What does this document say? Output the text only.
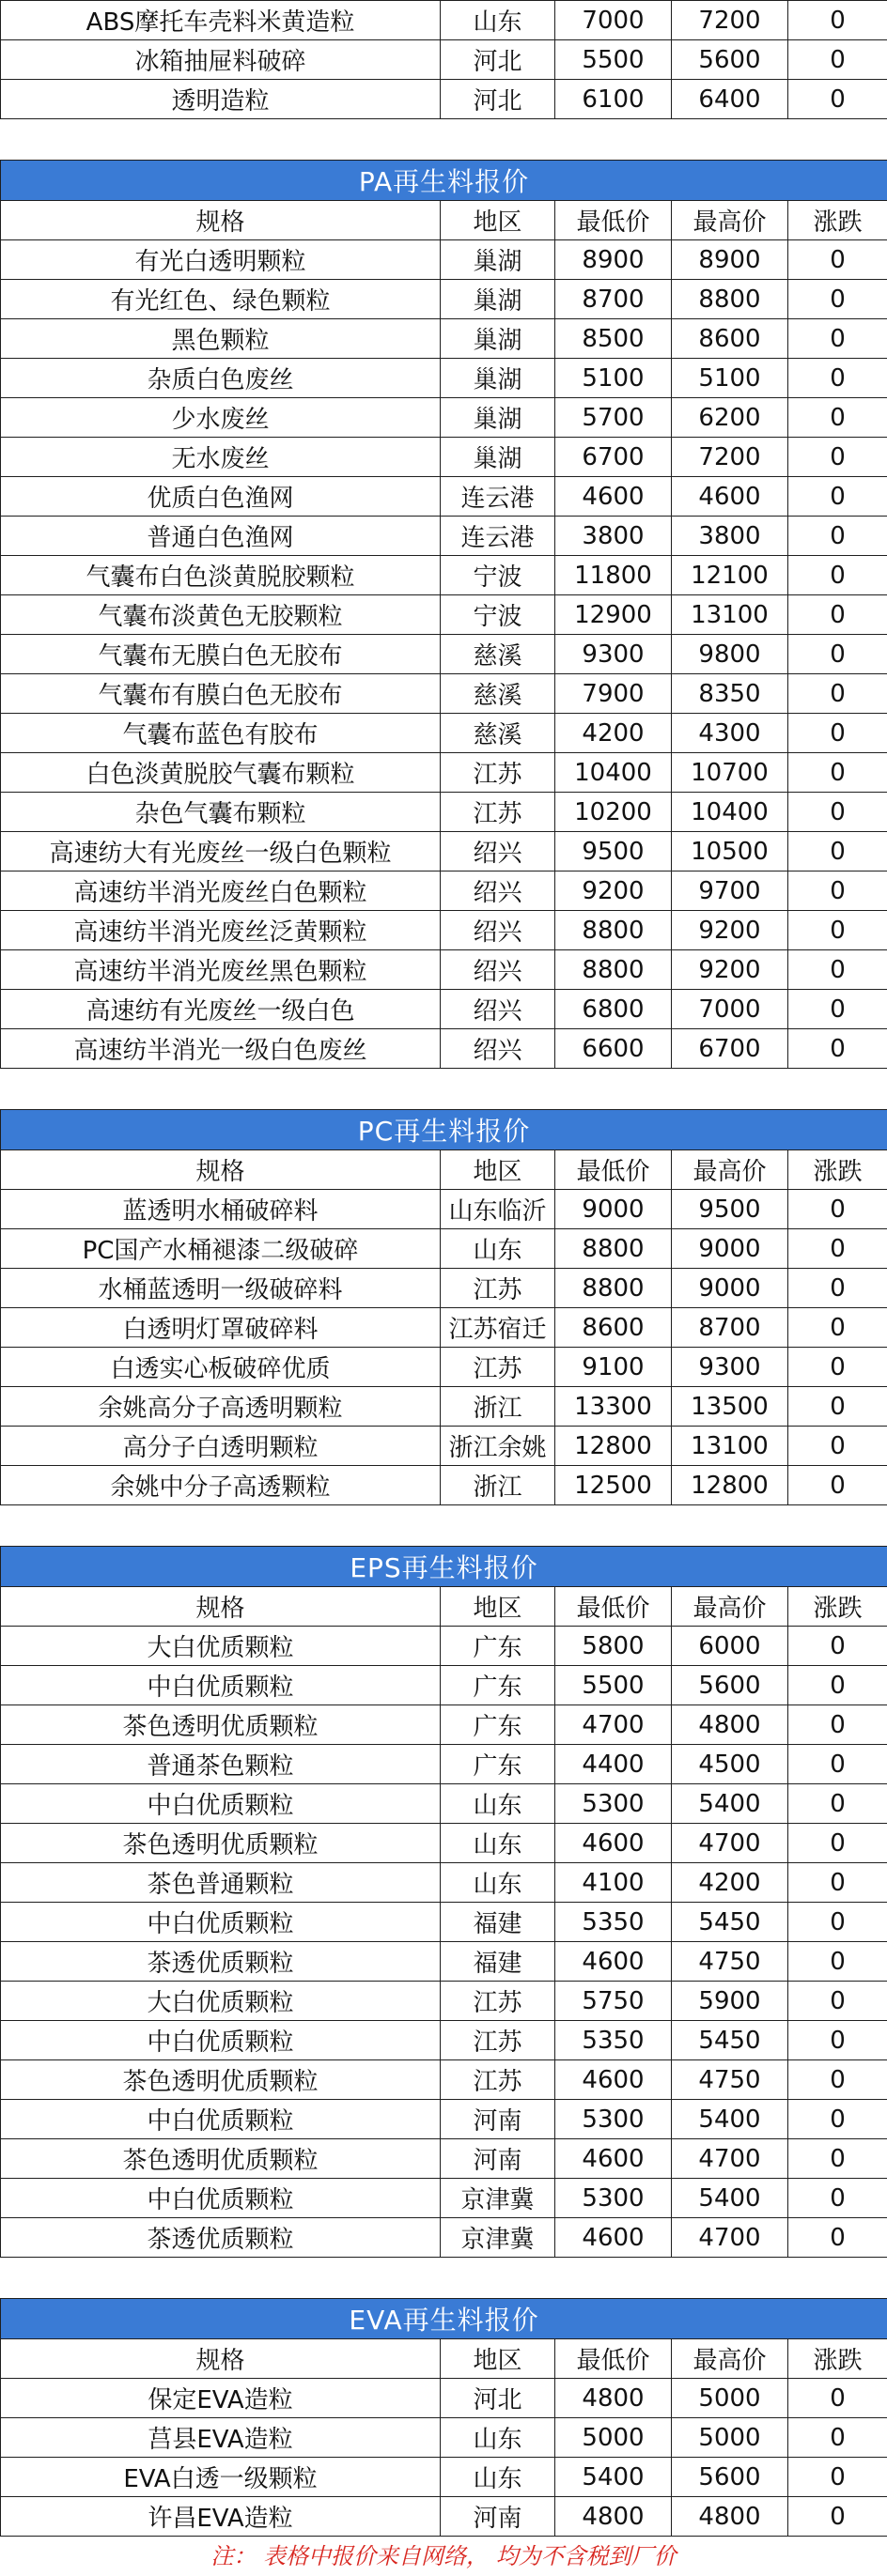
ABS摩托车壳料米黄造粒	山东	7000	7200	0
冰箱抽屉料破碎	河北	5500	5600	0
透明造粒	河北	6100	6400	0

PA再生料报价				
规格	地区	最低价	最高价	涨跌
有光白透明颗粒	巢湖	8900	8900	0
有光红色、绿色颗粒	巢湖	8700	8800	0
黑色颗粒	巢湖	8500	8600	0
杂质白色废丝	巢湖	5100	5100	0
少水废丝	巢湖	5700	6200	0
无水废丝	巢湖	6700	7200	0
优质白色渔网	连云港	4600	4600	0
普通白色渔网	连云港	3800	3800	0
气囊布白色淡黄脱胶颗粒	宁波	11800	12100	0
气囊布淡黄色无胶颗粒	宁波	12900	13100	0
气囊布无膜白色无胶布	慈溪	9300	9800	0
气囊布有膜白色无胶布	慈溪	7900	8350	0
气囊布蓝色有胶布	慈溪	4200	4300	0
白色淡黄脱胶气囊布颗粒	江苏	10400	10700	0
杂色气囊布颗粒	江苏	10200	10400	0
高速纺大有光废丝一级白色颗粒	绍兴	9500	10500	0
高速纺半消光废丝白色颗粒	绍兴	9200	9700	0
高速纺半消光废丝泛黄颗粒	绍兴	8800	9200	0
高速纺半消光废丝黑色颗粒	绍兴	8800	9200	0
高速纺有光废丝一级白色	绍兴	6800	7000	0
高速纺半消光一级白色废丝	绍兴	6600	6700	0

PC再生料报价				
规格	地区	最低价	最高价	涨跌
蓝透明水桶破碎料	山东临沂	9000	9500	0
PC国产水桶褪漆二级破碎	山东	8800	9000	0
水桶蓝透明一级破碎料	江苏	8800	9000	0
白透明灯罩破碎料	江苏宿迁	8600	8700	0
白透实心板破碎优质	江苏	9100	9300	0
余姚高分子高透明颗粒	浙江	13300	13500	0
高分子白透明颗粒	浙江余姚	12800	13100	0
余姚中分子高透颗粒	浙江	12500	12800	0

EPS再生料报价				
规格	地区	最低价	最高价	涨跌
大白优质颗粒	广东	5800	6000	0
中白优质颗粒	广东	5500	5600	0
茶色透明优质颗粒	广东	4700	4800	0
普通茶色颗粒	广东	4400	4500	0
中白优质颗粒	山东	5300	5400	0
茶色透明优质颗粒	山东	4600	4700	0
茶色普通颗粒	山东	4100	4200	0
中白优质颗粒	福建	5350	5450	0
茶透优质颗粒	福建	4600	4750	0
大白优质颗粒	江苏	5750	5900	0
中白优质颗粒	江苏	5350	5450	0
茶色透明优质颗粒	江苏	4600	4750	0
中白优质颗粒	河南	5300	5400	0
茶色透明优质颗粒	河南	4600	4700	0
中白优质颗粒	京津冀	5300	5400	0
茶透优质颗粒	京津冀	4600	4700	0

EVA再生料报价				
规格	地区	最低价	最高价	涨跌
保定EVA造粒	河北	4800	5000	0
莒县EVA造粒	山东	5000	5000	0
EVA白透一级颗粒	山东	5400	5600	0
许昌EVA造粒	河南	4800	4800	0
注： 表格中报价来自网络， 均为不含税到厂价
